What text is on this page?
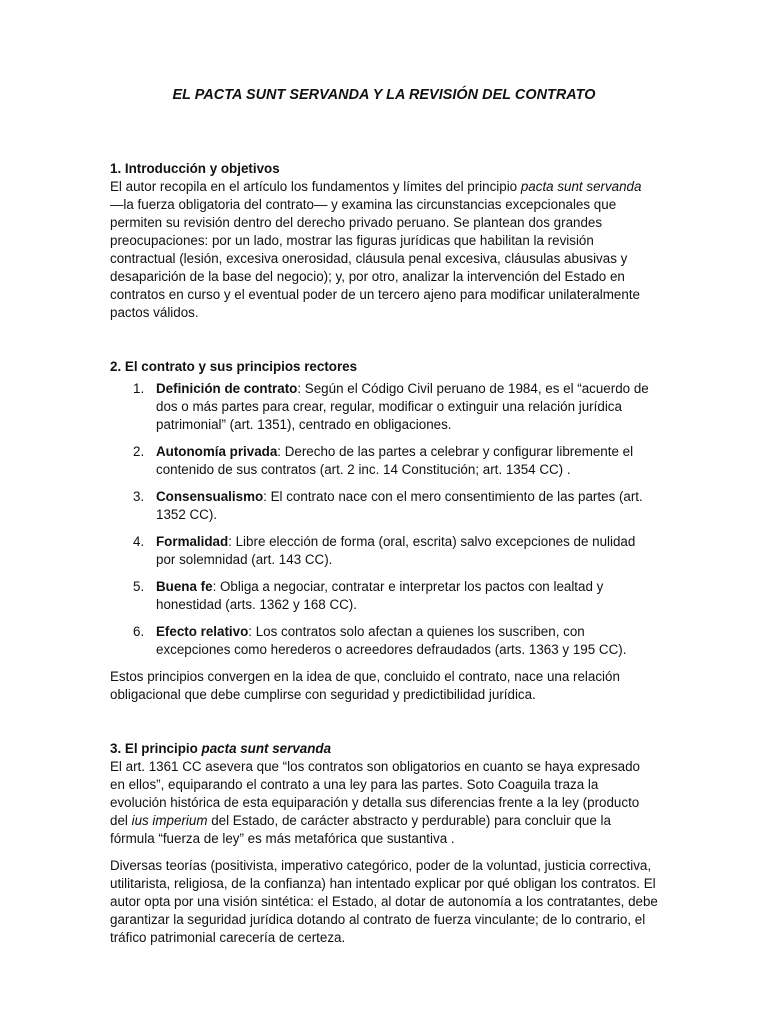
EL PACTA SUNT SERVANDA Y LA REVISIÓN DEL CONTRATO
1. Introducción y objetivos

El autor recopila en el artículo los fundamentos y límites del principio pacta sunt servanda —la fuerza obligatoria del contrato— y examina las circunstancias excepcionales que permiten su revisión dentro del derecho privado peruano. Se plantean dos grandes preocupaciones: por un lado, mostrar las figuras jurídicas que habilitan la revisión contractual (lesión, excesiva onerosidad, cláusula penal excesiva, cláusulas abusivas y desaparición de la base del negocio); y, por otro, analizar la intervención del Estado en contratos en curso y el eventual poder de un tercero ajeno para modificar unilateralmente pactos válidos.

2. El contrato y sus principios rectores
1. Definición de contrato: Según el Código Civil peruano de 1984, es el “acuerdo de dos o más partes para crear, regular, modificar o extinguir una relación jurídica patrimonial” (art. 1351), centrado en obligaciones.
2. Autonomía privada: Derecho de las partes a celebrar y configurar libremente el contenido de sus contratos (art. 2 inc. 14 Constitución; art. 1354 CC) .
3. Consensualismo: El contrato nace con el mero consentimiento de las partes (art. 1352 CC).
4. Formalidad: Libre elección de forma (oral, escrita) salvo excepciones de nulidad por solemnidad (art. 143 CC).
5. Buena fe: Obliga a negociar, contratar e interpretar los pactos con lealtad y honestidad (arts. 1362 y 168 CC).
6. Efecto relativo: Los contratos solo afectan a quienes los suscriben, con excepciones como herederos o acreedores defraudados (arts. 1363 y 195 CC).

Estos principios convergen en la idea de que, concluido el contrato, nace una relación obligacional que debe cumplirse con seguridad y predictibilidad jurídica.

3. El principio pacta sunt servanda

El art. 1361 CC asevera que “los contratos son obligatorios en cuanto se haya expresado en ellos”, equiparando el contrato a una ley para las partes. Soto Coaguila traza la evolución histórica de esta equiparación y detalla sus diferencias frente a la ley (producto del ius imperium del Estado, de carácter abstracto y perdurable) para concluir que la fórmula “fuerza de ley” es más metafórica que sustantiva .

Diversas teorías (positivista, imperativo categórico, poder de la voluntad, justicia correctiva, utilitarista, religiosa, de la confianza) han intentado explicar por qué obligan los contratos. El autor opta por una visión sintética: el Estado, al dotar de autonomía a los contratantes, debe garantizar la seguridad jurídica dotando al contrato de fuerza vinculante; de lo contrario, el tráfico patrimonial carecería de certeza.
